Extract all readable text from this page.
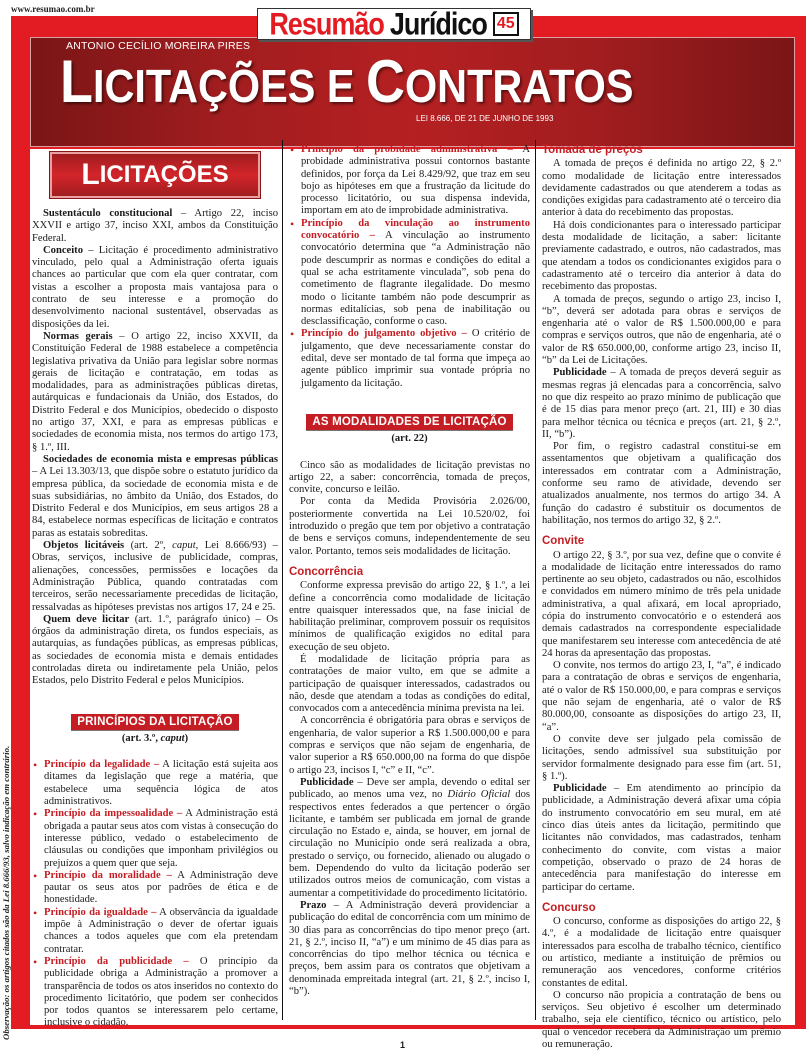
www.resumao.com.br	Resumão Jurídico 45
ANTONIO CECÍLIO MOREIRA PIRES
LICITAÇÕES E CONTRATOS
LEI 8.666, DE 21 DE JUNHO DE 1993
L ICITAÇÕES

Sustentáculo constitucional – Artigo 22, inciso XXVII e artigo 37, inciso XXI, ambos da Constituição Federal.

Conceito – Licitação é procedimento administrativo vinculado, pelo qual a Administração oferta iguais chances ao particular que com ela quer contratar, com vistas a escolher a proposta mais vantajosa para o contrato de seu interesse e a promoção do desenvolvimento nacional sustentável, observadas as disposições da lei.

Normas gerais – O artigo 22, inciso XXVII, da Constituição Federal de 1988 estabelece a competência legislativa privativa da União para legislar sobre normas gerais de licitação e contratação, em todas as modalidades, para as administrações públicas diretas, autárquicas e fundacionais da União, dos Estados, do Distrito Federal e dos Municípios, obedecido o disposto no artigo 37, XXI, e para as empresas públicas e sociedades de economia mista, nos termos do artigo 173, § 1.º, III.

Sociedades de economia mista e empresas públicas – A Lei 13.303/13, que dispõe sobre o estatuto jurídico da empresa pública, da sociedade de economia mista e de suas subsidiárias, no âmbito da União, dos Estados, do Distrito Federal e dos Municípios, em seus artigos 28 a 84, estabelece normas específicas de licitação e contratos paras as estatais sobreditas.

Objetos licitáveis (art. 2º, caput, Lei 8.666/93) – Obras, serviços, inclusive de publicidade, compras, alienações, concessões, permissões e locações da Administração Pública, quando contratadas com terceiros, serão necessariamente precedidas de licitação, ressalvadas as hipóteses previstas nos artigos 17, 24 e 25.

Quem deve licitar (art. 1.º, parágrafo único) – Os órgãos da administração direta, os fundos especiais, as autarquias, as fundações públicas, as empresas públicas, as sociedades de economia mista e demais entidades controladas direta ou indiretamente pela União, pelos Estados, pelo Distrito Federal e pelos Municípios.

PRINCÍPIOS DA LICITAÇÃO
(art. 3.º, caput)
• Princípio da legalidade – A licitação está sujeita aos ditames da legislação que rege a matéria, que estabelece uma sequência lógica de atos administrativos.
• Princípio da impessoalidade – A Administração está obrigada a pautar seus atos com vistas à consecução do interesse público, vedado o estabelecimento de cláusulas ou condições que imponham privilégios ou prejuízos a quem quer que seja.
• Princípio da moralidade – A Administração deve pautar os seus atos por padrões de ética e de honestidade.
• Princípio da igualdade – A observância da igualdade impõe à Administração o dever de ofertar iguais chances a todos aqueles que com ela pretendam contratar.
• Princípio da publicidade – O princípio da publicidade obriga a Administração a promover a transparência de todos os atos inseridos no contexto do procedimento licitatório, que podem ser conhecidos por todos quantos se interessarem pelo certame, inclusive o cidadão.
• Princípio da probidade administrativa – A probidade administrativa possui contornos bastante definidos, por força da Lei 8.429/92, que traz em seu bojo as hipóteses em que a frustração da licitude do processo licitatório, ou sua dispensa indevida, importam em ato de improbidade administrativa.
• Princípio da vinculação ao instrumento convocatório – A vinculação ao instrumento convocatório determina que “a Administração não pode descumprir as normas e condições do edital a qual se acha estritamente vinculada”, sob pena do cometimento de flagrante ilegalidade. Do mesmo modo o licitante também não pode descumprir as normas editalícias, sob pena de inabilitação ou desclassificação, conforme o caso.
• Princípio do julgamento objetivo – O critério de julgamento, que deve necessariamente constar do edital, deve ser montado de tal forma que impeça ao agente público imprimir sua vontade própria no julgamento da licitação.
AS MODALIDADES DE LICITAÇÃO
(art. 22)

Cinco são as modalidades de licitação previstas no artigo 22, a saber: concorrência, tomada de preços, convite, concurso e leilão.

Por conta da Medida Provisória 2.026/00, posteriormente convertida na Lei 10.520/02, foi introduzido o pregão que tem por objetivo a contratação de bens e serviços comuns, independentemente de seu valor. Portanto, temos seis modalidades de licitação.

Concorrência

Conforme expressa previsão do artigo 22, § 1.º, a lei define a concorrência como modalidade de licitação entre quaisquer interessados que, na fase inicial de habilitação preliminar, comprovem possuir os requisitos mínimos de qualificação exigidos no edital para execução de seu objeto.

É modalidade de licitação própria para as contratações de maior vulto, em que se admite a participação de quaisquer interessados, cadastrados ou não, desde que atendam a todas as condições do edital, convocados com a antecedência mínima prevista na lei.

A concorrência é obrigatória para obras e serviços de engenharia, de valor superior a R$ 1.500.000,00 e para compras e serviços que não sejam de engenharia, de valor superior a R$ 650.000,00 na forma do que dispõe o artigo 23, incisos I, “c” e II, “c”.

Publicidade – Deve ser ampla, devendo o edital ser publicado, ao menos uma vez, no Diário Oficial dos respectivos entes federados a que pertencer o órgão licitante, e também ser publicada em jornal de grande circulação no Estado e, ainda, se houver, em jornal de circulação no Município onde será realizada a obra, prestado o serviço, ou fornecido, alienado ou alugado o bem. Dependendo do vulto da licitação poderão ser utilizados outros meios de comunicação, com vistas a aumentar a competitividade do procedimento licitatório.

Prazo – A Administração deverá providenciar a publicação do edital de concorrência com um mínimo de 30 dias para as concorrências do tipo menor preço (art. 21, § 2.º, inciso II, “a”) e um mínimo de 45 dias para as concorrências do tipo melhor técnica ou técnica e preços, bem assim para os contratos que objetivam a denominada empreitada integral (art. 21, § 2.º, inciso I, “b”).

Tomada de preços

A tomada de preços é definida no artigo 22, § 2.º como modalidade de licitação entre interessados devidamente cadastrados ou que atenderem a todas as condições exigidas para cadastramento até o terceiro dia anterior à data do recebimento das propostas.

Há dois condicionantes para o interessado participar desta modalidade de licitação, a saber: licitante previamente cadastrado, e outros, não cadastrados, mas que atendam a todos os condicionantes exigidos para o cadastramento até o terceiro dia anterior à data do recebimento das propostas.

A tomada de preços, segundo o artigo 23, inciso I, “b”, deverá ser adotada para obras e serviços de engenharia até o valor de R$ 1.500.000,00 e para compras e serviços outros, que não de engenharia, até o valor de R$ 650.000,00, conforme artigo 23, inciso II, “b” da Lei de Licitações.

Publicidade – A tomada de preços deverá seguir as mesmas regras já elencadas para a concorrência, salvo no que diz respeito ao prazo mínimo de publicação que é de 15 dias para menor preço (art. 21, III) e 30 dias para melhor técnica ou técnica e preços (art. 21, § 2.º, II, “b”).

Por fim, o registro cadastral constitui-se em assentamentos que objetivam a qualificação dos interessados em contratar com a Administração, conforme seu ramo de atividade, devendo ser atualizados anualmente, nos termos do artigo 34. A função do cadastro é substituir os documentos de habilitação, nos termos do artigo 32, § 2.º.

Convite

O artigo 22, § 3.º, por sua vez, define que o convite é a modalidade de licitação entre interessados do ramo pertinente ao seu objeto, cadastrados ou não, escolhidos e convidados em número mínimo de três pela unidade administrativa, a qual afixará, em local apropriado, cópia do instrumento convocatório e o estenderá aos demais cadastrados na correspondente especialidade que manifestarem seu interesse com antecedência de até 24 horas da apresentação das propostas.

O convite, nos termos do artigo 23, I, “a”, é indicado para a contratação de obras e serviços de engenharia, até o valor de R$ 150.000,00, e para compras e serviços que não sejam de engenharia, até o valor de R$ 80.000,00, consoante as disposições do artigo 23, II, “a”.

O convite deve ser julgado pela comissão de licitações, sendo admissível sua substituição por servidor formalmente designado para esse fim (art. 51, § 1.º).

Publicidade – Em atendimento ao princípio da publicidade, a Administração deverá afixar uma cópia do instrumento convocatório em seu mural, em até cinco dias úteis antes da licitação, permitindo que licitantes não convidados, mas cadastrados, tenham conhecimento do convite, com vistas a maior competição, observado o prazo de 24 horas de antecedência para manifestação do interesse em participar do certame.

Concurso

O concurso, conforme as disposições do artigo 22, § 4.º, é a modalidade de licitação entre quaisquer interessados para escolha de trabalho técnico, científico ou artístico, mediante a instituição de prêmios ou remuneração aos vencedores, conforme critérios constantes de edital.

O concurso não propicia a contratação de bens ou serviços. Seu objetivo é escolher um determinado trabalho, seja ele científico, técnico ou artístico, pelo qual o vencedor receberá da Administração um prêmio ou remuneração.

Observação: os artigos citados são da Lei 8.666/93, salvo indicação em contrário.
1
